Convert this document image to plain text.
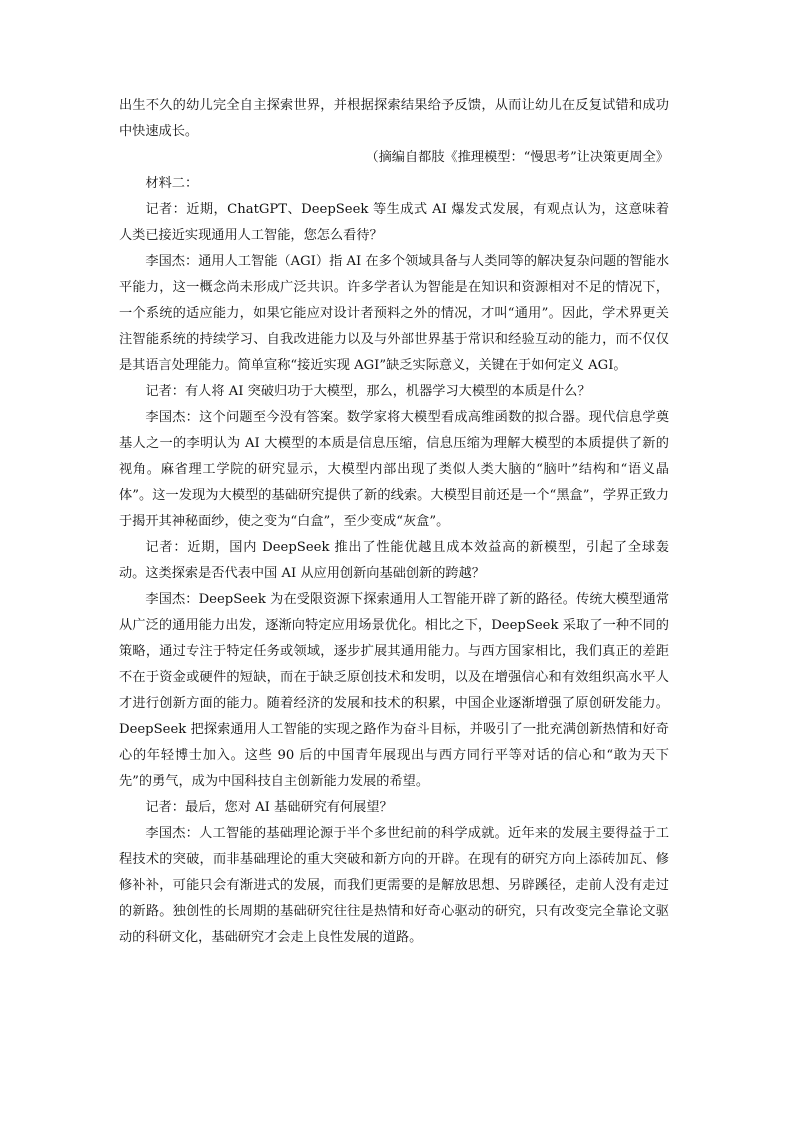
出生不久的幼儿完全自主探索世界，并根据探索结果给予反馈，从而让幼儿在反复试错和成功中快速成长。

（摘编自都肢《推理模型：“慢思考”让决策更周全》

材料二：

记者：近期，ChatGPT、DeepSeek 等生成式 AI 爆发式发展，有观点认为，这意味着人类已接近实现通用人工智能，您怎么看待？

李国杰：通用人工智能（AGI）指 AI 在多个领域具备与人类同等的解决复杂问题的智能水平能力，这一概念尚未形成广泛共识。许多学者认为智能是在知识和资源相对不足的情况下，一个系统的适应能力，如果它能应对设计者预料之外的情况，才叫“通用”。因此，学术界更关注智能系统的持续学习、自我改进能力以及与外部世界基于常识和经验互动的能力，而不仅仅是其语言处理能力。简单宣称“接近实现 AGI”缺乏实际意义，关键在于如何定义 AGI。

记者：有人将 AI 突破归功于大模型，那么，机器学习大模型的本质是什么？

李国杰：这个问题至今没有答案。数学家将大模型看成高维函数的拟合器。现代信息学奠基人之一的李明认为 AI 大模型的本质是信息压缩，信息压缩为理解大模型的本质提供了新的视角。麻省理工学院的研究显示，大模型内部出现了类似人类大脑的“脑叶”结构和“语义晶体”。这一发现为大模型的基础研究提供了新的线索。大模型目前还是一个“黑盒”，学界正致力于揭开其神秘面纱，使之变为“白盒”，至少变成“灰盒”。

记者：近期，国内 DeepSeek 推出了性能优越且成本效益高的新模型，引起了全球轰动。这类探索是否代表中国 AI 从应用创新向基础创新的跨越？

李国杰：DeepSeek 为在受限资源下探索通用人工智能开辟了新的路径。传统大模型通常从广泛的通用能力出发，逐渐向特定应用场景优化。相比之下，DeepSeek 采取了一种不同的策略，通过专注于特定任务或领域，逐步扩展其通用能力。与西方国家相比，我们真正的差距不在于资金或硬件的短缺，而在于缺乏原创技术和发明，以及在增强信心和有效组织高水平人才进行创新方面的能力。随着经济的发展和技术的积累，中国企业逐渐增强了原创研发能力。DeepSeek 把探索通用人工智能的实现之路作为奋斗目标，并吸引了一批充满创新热情和好奇心的年轻博士加入。这些 90 后的中国青年展现出与西方同行平等对话的信心和“敢为天下先”的勇气，成为中国科技自主创新能力发展的希望。

记者：最后，您对 AI 基础研究有何展望？

李国杰：人工智能的基础理论源于半个多世纪前的科学成就。近年来的发展主要得益于工程技术的突破，而非基础理论的重大突破和新方向的开辟。在现有的研究方向上添砖加瓦、修修补补，可能只会有渐进式的发展，而我们更需要的是解放思想、另辟蹊径，走前人没有走过的新路。独创性的长周期的基础研究往往是热情和好奇心驱动的研究，只有改变完全靠论文驱动的科研文化，基础研究才会走上良性发展的道路。
